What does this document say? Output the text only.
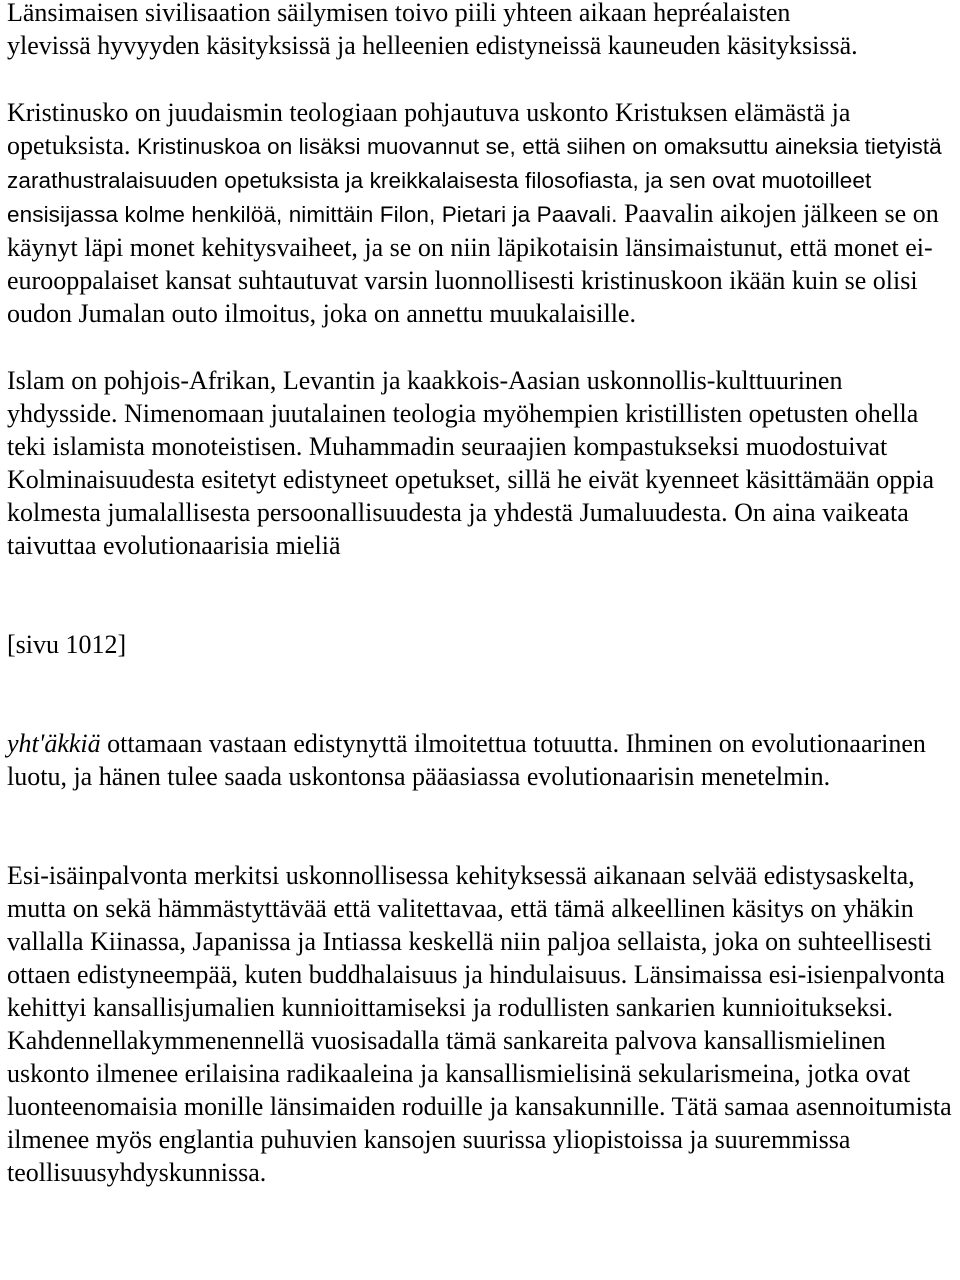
Länsimaisen sivilisaation säilymisen toivo piili yhteen aikaan hepréalaisten
ylevissä hyvyyden käsityksissä ja helleenien edistyneissä kauneuden käsityksissä.

Kristinusko on juudaismin teologiaan pohjautuva uskonto Kristuksen elämästä ja opetuksista. Kristinuskoa on lisäksi muovannut se, että siihen on omaksuttu aineksia tietyistä zarathustralaisuuden opetuksista ja kreikkalaisesta filosofiasta, ja sen ovat muotoilleet ensisijassa kolme henkilöä, nimittäin Filon, Pietari ja Paavali. Paavalin aikojen jälkeen se on käynyt läpi monet kehitysvaiheet, ja se on niin läpikotaisin länsimaistunut, että monet ei-eurooppalaiset kansat suhtautuvat varsin luonnollisesti kristinuskoon ikään kuin se olisi oudon Jumalan outo ilmoitus, joka on annettu muukalaisille.

Islam on pohjois-Afrikan, Levantin ja kaakkois-Aasian uskonnollis-kulttuurinen yhdysside. Nimenomaan juutalainen teologia myöhempien kristillisten opetusten ohella teki islamista monoteistisen. Muhammadin seuraajien kompastukseksi muodostuivat Kolminaisuudesta esitetyt edistyneet opetukset, sillä he eivät kyenneet käsittämään oppia kolmesta jumalallisesta persoonallisuudesta ja yhdestä Jumaluudesta. On aina vaikeata taivuttaa evolutionaarisia mieliä

[sivu 1012]

yht'äkkiä ottamaan vastaan edistynyttä ilmoitettua totuutta. Ihminen on evolutionaarinen luotu, ja hänen tulee saada uskontonsa pääasiassa evolutionaarisin menetelmin.

Esi-isäinpalvonta merkitsi uskonnollisessa kehityksessä aikanaan selvää edistysaskelta, mutta on sekä hämmästyttävää että valitettavaa, että tämä alkeellinen käsitys on yhäkin vallalla Kiinassa, Japanissa ja Intiassa keskellä niin paljoa sellaista, joka on suhteellisesti ottaen edistyneempää, kuten buddhalaisuus ja hindulaisuus. Länsimaissa esi-isienpalvonta kehittyi kansallisjumalien kunnioittamiseksi ja rodullisten sankarien kunnioitukseksi.
Kahdennellakymmenennellä vuosisadalla tämä sankareita palvova kansallismielinen uskonto ilmenee erilaisina radikaaleina ja kansallismielisinä sekularismeina, jotka ovat luonteenomaisia monille länsimaiden roduille ja kansakunnille. Tätä samaa asennoitumista ilmenee myös englantia puhuvien kansojen suurissa yliopistoissa ja suuremmissa teollisuusyhdyskunnissa.
